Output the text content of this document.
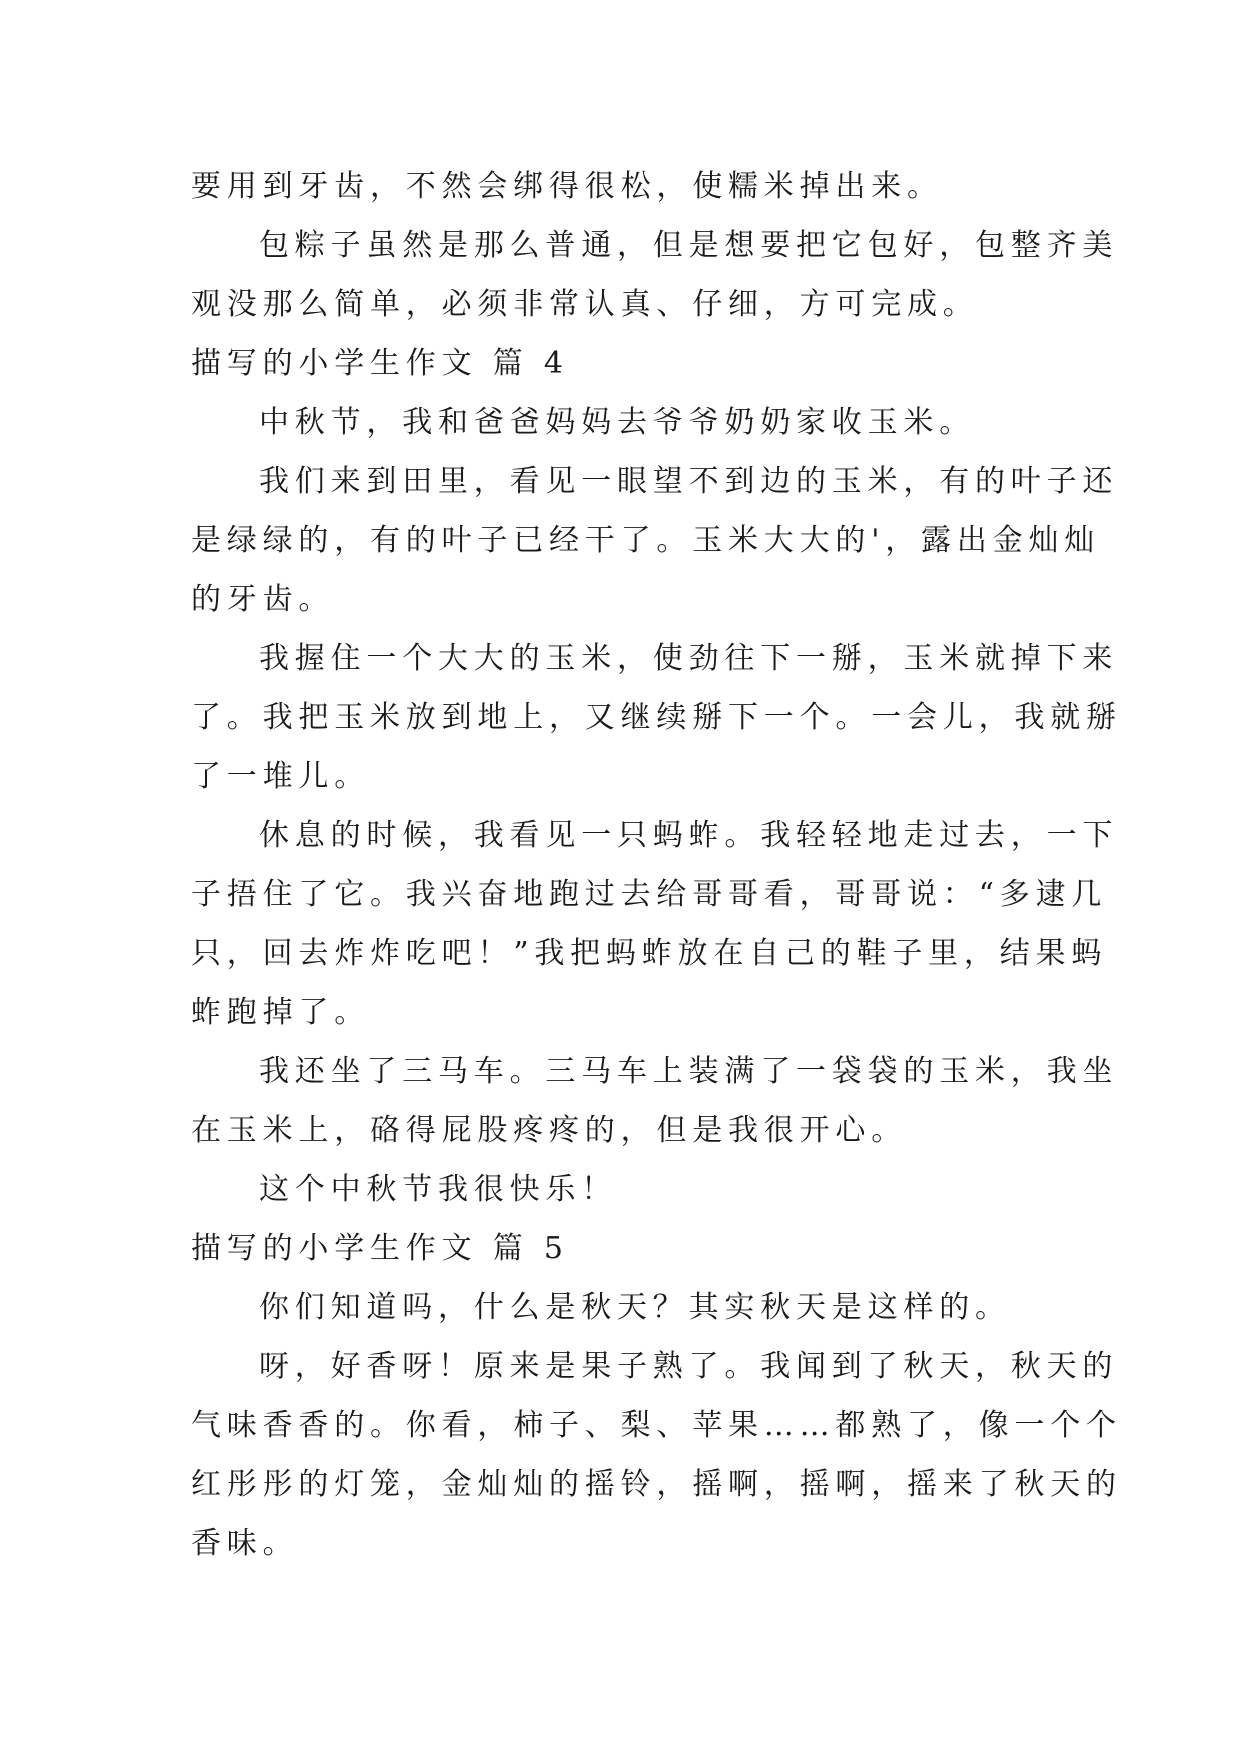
要用到牙齿，不然会绑得很松，使糯米掉出来。
包粽子虽然是那么普通，但是想要把它包好，包整齐美
观没那么简单，必须非常认真、仔细，方可完成。
描写的小学生作文 篇 4
中秋节，我和爸爸妈妈去爷爷奶奶家收玉米。
我们来到田里，看见一眼望不到边的玉米，有的叶子还
是绿绿的，有的叶子已经干了。玉米大大的'，露出金灿灿
的牙齿。
我握住一个大大的玉米，使劲往下一掰，玉米就掉下来
了。我把玉米放到地上，又继续掰下一个。一会儿，我就掰
了一堆儿。
休息的时候，我看见一只蚂蚱。我轻轻地走过去，一下
子捂住了它。我兴奋地跑过去给哥哥看，哥哥说：“多逮几
只，回去炸炸吃吧！”我把蚂蚱放在自己的鞋子里，结果蚂
蚱跑掉了。
我还坐了三马车。三马车上装满了一袋袋的玉米，我坐
在玉米上，硌得屁股疼疼的，但是我很开心。
这个中秋节我很快乐！
描写的小学生作文 篇 5
你们知道吗，什么是秋天？其实秋天是这样的。
呀，好香呀！原来是果子熟了。我闻到了秋天，秋天的
气味香香的。你看，柿子、梨、苹果……都熟了，像一个个
红彤彤的灯笼，金灿灿的摇铃，摇啊，摇啊，摇来了秋天的
香味。
